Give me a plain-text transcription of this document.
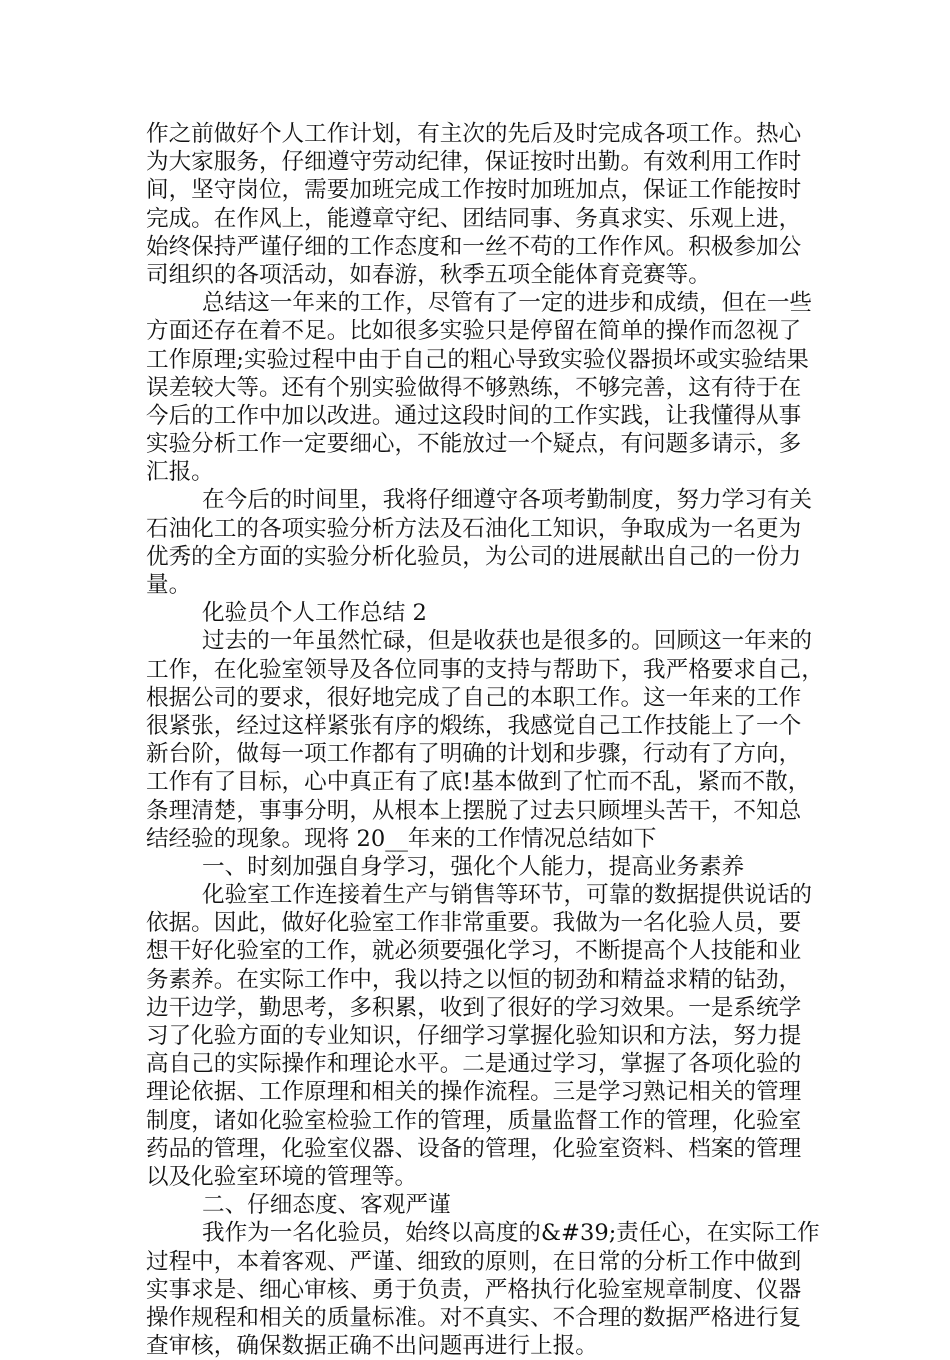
作之前做好个人工作计划，有主次的先后及时完成各项工作。热心
为大家服务，仔细遵守劳动纪律，保证按时出勤。有效利用工作时
间，坚守岗位，需要加班完成工作按时加班加点，保证工作能按时
完成。在作风上，能遵章守纪、团结同事、务真求实、乐观上进，
始终保持严谨仔细的工作态度和一丝不苟的工作作风。积极参加公
司组织的各项活动，如春游，秋季五项全能体育竞赛等。
总结这一年来的工作，尽管有了一定的进步和成绩，但在一些
方面还存在着不足。比如很多实验只是停留在简单的操作而忽视了
工作原理;实验过程中由于自己的粗心导致实验仪器损坏或实验结果
误差较大等。还有个别实验做得不够熟练，不够完善，这有待于在
今后的工作中加以改进。通过这段时间的工作实践，让我懂得从事
实验分析工作一定要细心，不能放过一个疑点，有问题多请示，多
汇报。
在今后的时间里，我将仔细遵守各项考勤制度，努力学习有关
石油化工的各项实验分析方法及石油化工知识，争取成为一名更为
优秀的全方面的实验分析化验员，为公司的进展献出自己的一份力
量。
化验员个人工作总结 2
过去的一年虽然忙碌，但是收获也是很多的。回顾这一年来的
工作，在化验室领导及各位同事的支持与帮助下，我严格要求自己，
根据公司的要求，很好地完成了自己的本职工作。这一年来的工作
很紧张，经过这样紧张有序的煅练，我感觉自己工作技能上了一个
新台阶，做每一项工作都有了明确的计划和步骤，行动有了方向，
工作有了目标，心中真正有了底!基本做到了忙而不乱，紧而不散，
条理清楚，事事分明，从根本上摆脱了过去只顾埋头苦干，不知总
结经验的现象。现将 20__年来的工作情况总结如下
一、时刻加强自身学习，强化个人能力，提高业务素养
化验室工作连接着生产与销售等环节，可靠的数据提供说话的
依据。因此，做好化验室工作非常重要。我做为一名化验人员，要
想干好化验室的工作，就必须要强化学习，不断提高个人技能和业
务素养。在实际工作中，我以持之以恒的韧劲和精益求精的钻劲，
边干边学，勤思考，多积累，收到了很好的学习效果。一是系统学
习了化验方面的专业知识，仔细学习掌握化验知识和方法，努力提
高自己的实际操作和理论水平。二是通过学习，掌握了各项化验的
理论依据、工作原理和相关的操作流程。三是学习熟记相关的管理
制度，诸如化验室检验工作的管理，质量监督工作的管理，化验室
药品的管理，化验室仪器、设备的管理，化验室资料、档案的管理
以及化验室环境的管理等。
二、仔细态度、客观严谨
我作为一名化验员，始终以高度的&#39;责任心，在实际工作
过程中，本着客观、严谨、细致的原则，在日常的分析工作中做到
实事求是、细心审核、勇于负责，严格执行化验室规章制度、仪器
操作规程和相关的质量标准。对不真实、不合理的数据严格进行复
查审核，确保数据正确不出问题再进行上报。
